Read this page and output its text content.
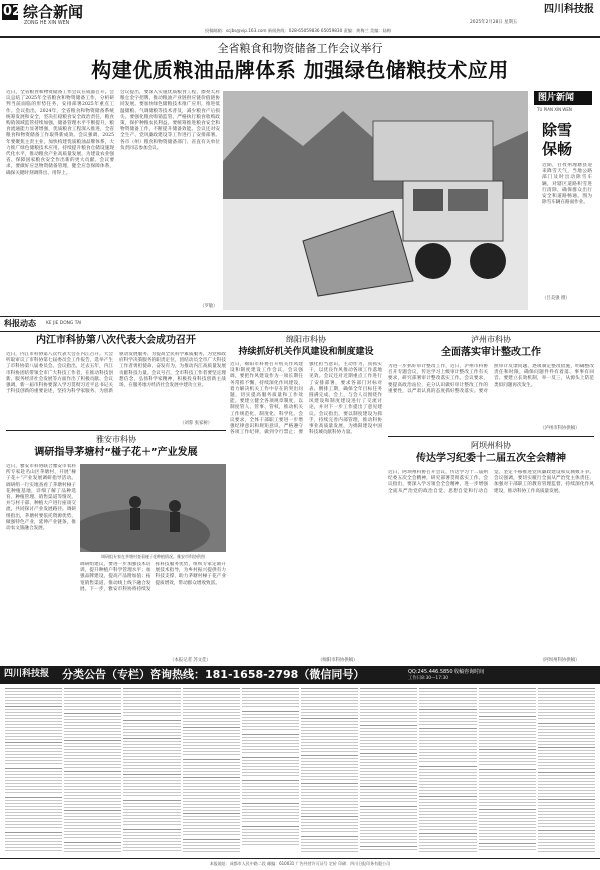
02 综合新闻
ZONG HE XIN WEN
四川科技报
2025年2月28日 星期五
投稿邮箱：scjbs@vip.163.com 新闻热线：028-65059836 65059830 责编：黄梅兰 美编：陆梅
全省粮食和物资储备工作会议举行
构建优质粮油品牌体系 加强绿色储粮技术应用
近日，全省粮食和物资储备工作会议在成都召开。会议总结了2025年全省粮食和物资储备工作，分析研判当前面临的形势任务，安排部署2025年重点工作。会议指出，2024年，全省粮食和物资储备系统统筹发展和安全，坚决扛稳粮食安全政治责任，粮食购销领域监管持续加强，储备管理水平不断提升，粮食流通能力显著增强，优质粮食工程深入推进，全省粮食和物资储备工作取得新成效。会议强调，2025年要聚焦主责主业，加快构建优质粮油品牌体系，大力推广绿色储粮技术应用，持续提升粮食仓储设施现代化水平，推动粮食产业高质量发展，为建设农业强省、保障国家粮食安全作出新的更大贡献。会议要求，要做好应急物资储备管理，健全应急保障体系，确保关键时刻调得出、用得上。
会议提出，要深入实施优质粮食工程，擦亮天府粮仓金字招牌，推动粮油产业链供应链价值链协同发展。要加快绿色储粮技术推广应用，推进低温储粮、气调储粮等技术普及，减少粮食产后损失。要强化粮食购销监管，严格执行粮食收购政策，保护种粮农民利益。要统筹推进粮食安全和物资储备工作，不断提升储备效能。会议还对安全生产、党风廉政建设等工作进行了安排部署。各市（州）粮食和物资储备部门、省直有关单位负责同志参加会议。
（罗敏）
图片新闻
TU PIAN XIN WEN
除雪保畅
近期，甘孜州理塘县迎来降雪天气，当地公路部门及时出动除雪车辆，对辖区道路积雪进行清除，确保群众出行安全和道路畅通。图为除雪车辆在路面作业。
（吕美强 摄）
科报动态 KE JIE DONG TAI
内江市科协第八次代表大会成功召开
近日，内江市科协第八次代表大会在内江召开。大会听取审议了市科协第七届委员会工作报告，选举产生了市科协第八届委员会。会议指出，过去五年，内江市科协团结带领全市广大科技工作者，在推动科技创新、服务经济社会发展等方面作出了积极贡献。会议强调，新一届市科协要深入学习贯彻习近平总书记关于科技创新的重要论述，坚持为科学家服务、为创新驱动发展服务、为提高全民科学素质服务、为党和政府科学决策服务的职责定位，团结动员全市广大科技工作者勇担使命、奋发有为，为推动内江高质量发展贡献科技力量。会议号召，全市科技工作者要坚定理想信念，弘扬科学家精神，积极投身科技创新主战场，在服务地方经济社会发展中建功立业。
（刘蓉 张家树）
雅安市科协
调研指导茅塘村“椪子花＋”产业发展
近日，雅安市科协联合雅安市农科所专家赴名山区茅塘村，开展“椪子花＋”产业发展调研指导活动。调研组一行实地查看了茅塘村椪子花种植基地，详细了解了品种选育、种植管理、销售渠道等情况，并与村干部、种植大户进行座谈交流，共同探讨产业发展路径。调研组指出，茅塘村要依托资源优势，做强特色产业，延伸产业链条，推动农文旅融合发展。
调研组专家在茅塘村查看椪子花种植情况。雅安市科协供图
调研组建议，要进一步加强技术培训，提升种植户科学管理水平；加强品牌建设，提高产品附加值；拓宽销售渠道，推动线上线下融合发展。下一步，雅安市科协将持续发挥科技服务优势，组织专家定期开展技术指导，为乡村振兴提供有力科技支撑，助力茅塘村椪子花产业提质增效，带动群众增收致富。
（本报记者 苏文佳）
绵阳市科协
持续抓好机关作风建设和制度建设
近日，绵阳市科协召开机关作风建设和制度建设工作会议。会议强调，要把作风建设作为一项长期任务常抓不懈，持续深化作风建设，着力解决机关工作中存在的突出问题，切实提高服务质量和工作效能。要建立健全各项规章制度，以制度管人、管事、管权，推动机关工作规范化、制度化、科学化。会议要求，全体干部职工要进一步增强纪律意识和规矩意识，严格遵守各项工作纪律，做到令行禁止；要强化担当意识，主动作为，真抓实干，以优良作风推动各项工作落地见效。会议还对近期重点工作进行了安排部署，要求各部门对标对表、倒排工期，确保全年目标任务圆满完成。会上，与会人员围绕作风建设和制度建设进行了交流讨论，并对下一步工作提出了意见建议。会议指出，要以制度建设为抓手，持续完善内部管理，推动科协事业高质量发展，为绵阳建设中国科技城贡献科协力量。
（绵阳市科协供稿）
泸州市科协
全面落实审计整改工作
为进一步抓好审计整改工作，近日，泸州市科协召开专题会议，传达学习上级审计整改工作有关要求，研究部署审计整改落实工作。会议要求，要提高政治站位，充分认识做好审计整改工作的重要性，以严肃认真的态度抓好整改落实。要对照审计反馈问题，逐项制定整改措施，明确整改责任和时限，确保问题件件有着落、事事有回音。要建立长效机制，举一反三，从源头上防范类似问题再次发生。
（泸州市科协供稿）
阿坝州科协
传达学习纪委十二届五次全会精神
近日，阿坝州科协召开会议，传达学习十二届州纪委五次全会精神，研究部署贯彻落实工作。会议指出，要深入学习领会全会精神，进一步增强全面从严治党的政治自觉、思想自觉和行动自觉，坚定不移推进党风廉政建设和反腐败斗争。会议强调，要切实履行全面从严治党主体责任，加强对干部职工的教育管理监督，持续深化作风建设，推动科协工作高质量发展。
（阿坝州科协供稿）
四川科技报 分类公告（专栏）咨询热线：181-1658-2798（微信同号）	QQ:245.446.5850 收稿咨询时间
工作日8:30—17:30
本报地址：成都市人民中路二段 邮编：610031 广告经营许可证号 定价 印刷：四川日报印务有限公司
